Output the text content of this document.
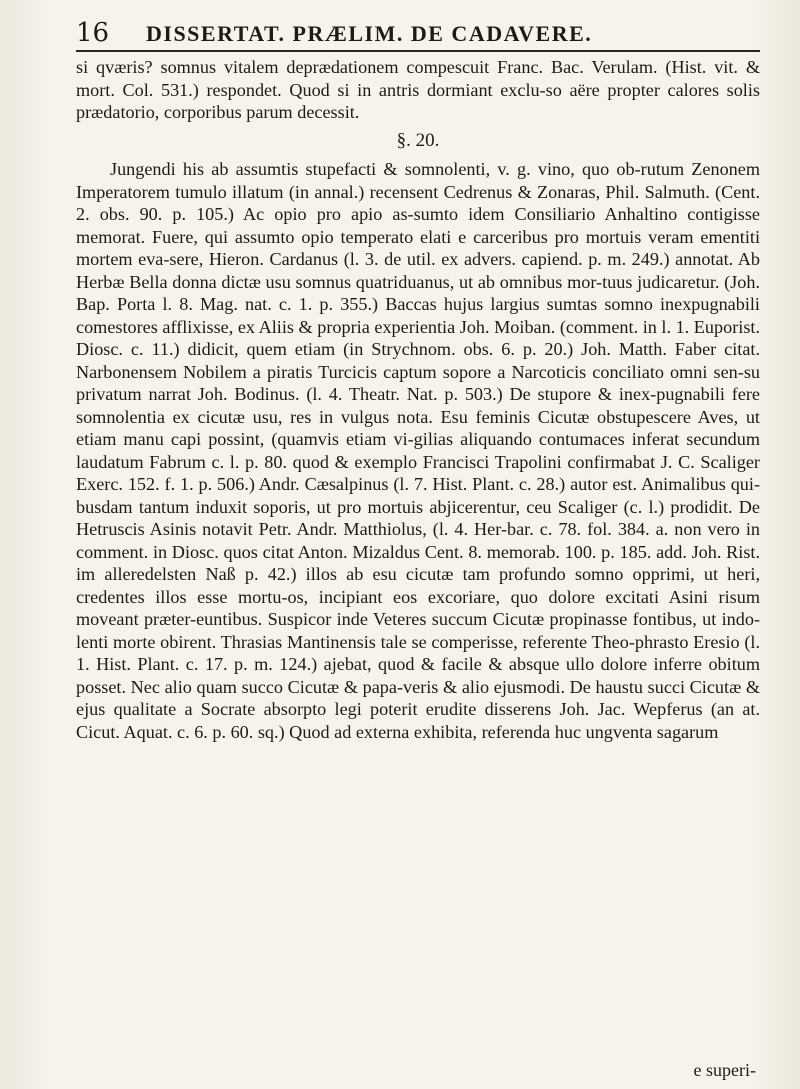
16	DISSERTAT. PRÆLIM. DE CADAVERE.

si qværis? somnus vitalem deprædationem compescuit Franc. Bac. Verulam. (Hist. vit. & mort. Col. 531.) respondet. Quod si in antris dormiant exclu-so aëre propter calores solis prædatorio, corporibus parum decessit.

§. 20.

Jungendi his ab assumtis stupefacti & somnolenti, v. g. vino, quo ob-rutum Zenonem Imperatorem tumulo illatum (in annal.) recensent Cedrenus & Zonaras, Phil. Salmuth. (Cent. 2. obs. 90. p. 105.) Ac opio pro apio as-sumto idem Consiliario Anhaltino contigisse memorat. Fuere, qui assumto opio temperato elati e carceribus pro mortuis veram ementiti mortem eva-sere, Hieron. Cardanus (l. 3. de util. ex advers. capiend. p. m. 249.) annotat. Ab Herbæ Bella donna dictæ usu somnus quatriduanus, ut ab omnibus mor-tuus judicaretur. (Joh. Bap. Porta l. 8. Mag. nat. c. 1. p. 355.) Baccas hujus largius sumtas somno inexpugnabili comestores afflixisse, ex Aliis & propria experientia Joh. Moiban. (comment. in l. 1. Euporist. Diosc. c. 11.) didicit, quem etiam (in Strychnom. obs. 6. p. 20.) Joh. Matth. Faber citat. Narbonensem Nobilem a piratis Turcicis captum sopore a Narcoticis conciliato omni sen-su privatum narrat Joh. Bodinus. (l. 4. Theatr. Nat. p. 503.) De stupore & inex-pugnabili fere somnolentia ex cicutæ usu, res in vulgus nota. Esu feminis Cicutæ obstupescere Aves, ut etiam manu capi possint, (quamvis etiam vi-gilias aliquando contumaces inferat secundum laudatum Fabrum c. l. p. 80. quod & exemplo Francisci Trapolini confirmabat J. C. Scaliger Exerc. 152. f. 1. p. 506.) Andr. Cæsalpinus (l. 7. Hist. Plant. c. 28.) autor est. Animalibus qui-busdam tantum induxit soporis, ut pro mortuis abjicerentur, ceu Scaliger (c. l.) prodidit. De Hetruscis Asinis notavit Petr. Andr. Matthiolus, (l. 4. Her-bar. c. 78. fol. 384. a. non vero in comment. in Diosc. quos citat Anton. Mizaldus Cent. 8. memorab. 100. p. 185. add. Joh. Rist. im alleredelsten Naß p. 42.) illos ab esu cicutæ tam profundo somno opprimi, ut heri, credentes illos esse mortu-os, incipiant eos excoriare, quo dolore excitati Asini risum moveant præter-euntibus. Suspicor inde Veteres succum Cicutæ propinasse fontibus, ut indo-lenti morte obirent. Thrasias Mantinensis tale se comperisse, referente Theo-phrasto Eresio (l. 1. Hist. Plant. c. 17. p. m. 124.) ajebat, quod & facile & absque ullo dolore inferre obitum posset. Nec alio quam succo Cicutæ & papa-veris & alio ejusmodi. De haustu succi Cicutæ & ejus qualitate a Socrate absorpto legi poterit erudite disserens Joh. Jac. Wepferus (an at. Cicut. Aquat. c. 6. p. 60. sq.) Quod ad externa exhibita, referenda huc ungventa sagarum

e superi-
